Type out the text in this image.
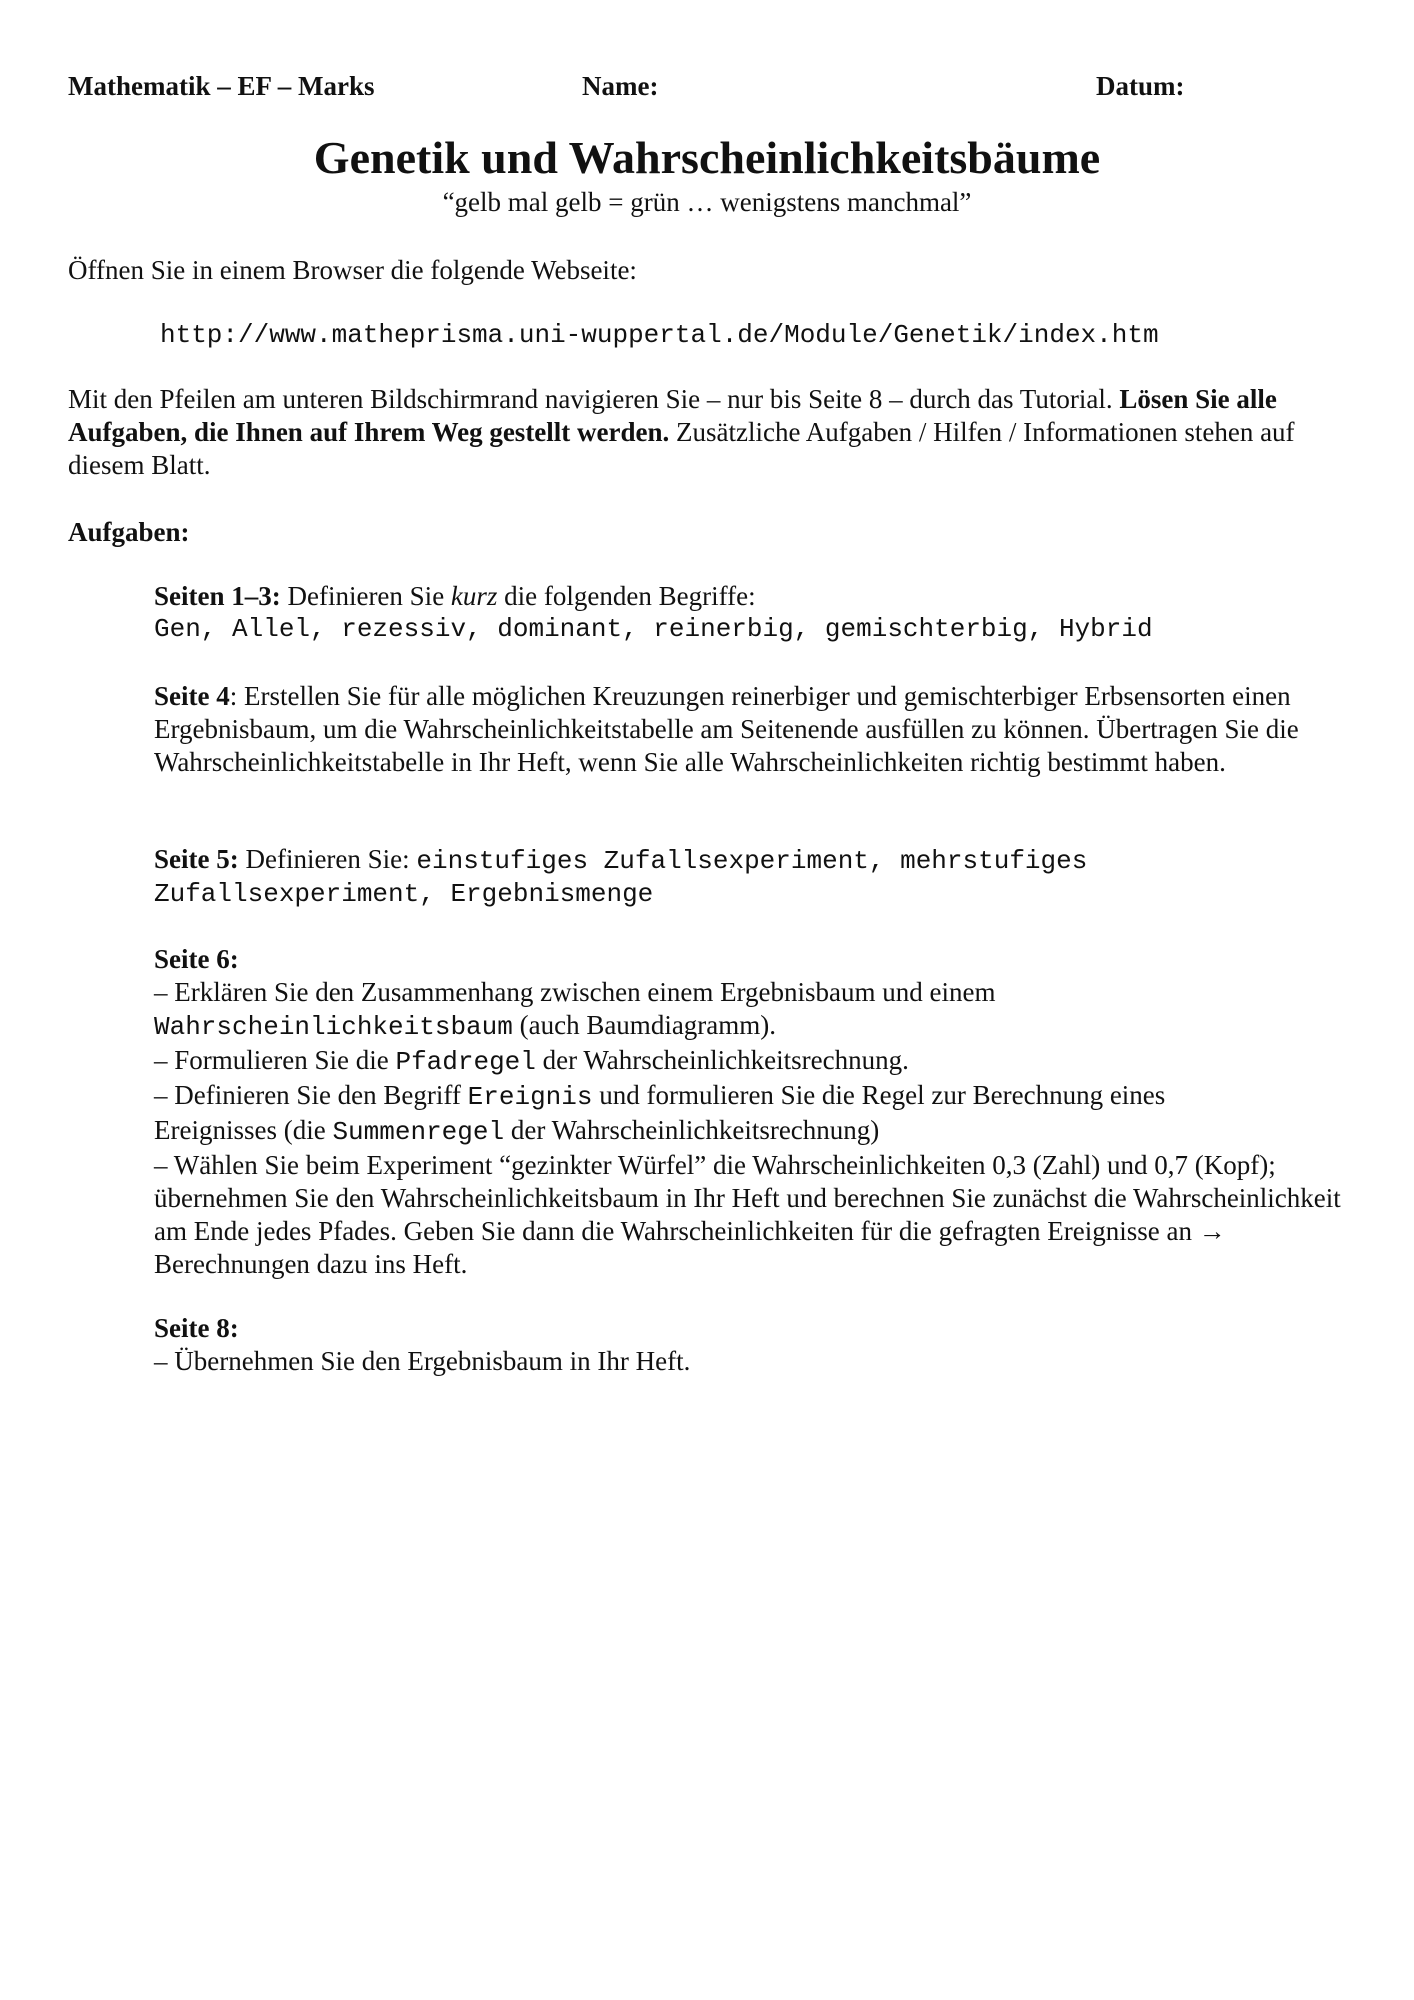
Mathematik – EF – Marks	Name:	Datum:
Genetik und Wahrscheinlichkeitsbäume
“gelb mal gelb = grün … wenigstens manchmal”
Öffnen Sie in einem Browser die folgende Webseite:
http://www.matheprisma.uni-wuppertal.de/Module/Genetik/index.htm
Mit den Pfeilen am unteren Bildschirmrand navigieren Sie – nur bis Seite 8 – durch das Tutorial. Lösen Sie alle Aufgaben, die Ihnen auf Ihrem Weg gestellt werden. Zusätzliche Aufgaben / Hilfen / Informationen stehen auf diesem Blatt.
Aufgaben:
Seiten 1–3: Definieren Sie kurz die folgenden Begriffe:
Gen, Allel, rezessiv, dominant, reinerbig, gemischterbig, Hybrid
Seite 4: Erstellen Sie für alle möglichen Kreuzungen reinerbiger und gemischterbiger Erbsensorten einen Ergebnisbaum, um die Wahrscheinlichkeitstabelle am Seitenende ausfüllen zu können. Übertragen Sie die Wahrscheinlichkeitstabelle in Ihr Heft, wenn Sie alle Wahrscheinlichkeiten richtig bestimmt haben.
Seite 5: Definieren Sie: einstufiges Zufallsexperiment, mehrstufiges
Zufallsexperiment, Ergebnismenge
Seite 6:
– Erklären Sie den Zusammenhang zwischen einem Ergebnisbaum und einem
Wahrscheinlichkeitsbaum (auch Baumdiagramm).
– Formulieren Sie die Pfadregel der Wahrscheinlichkeitsrechnung.
– Definieren Sie den Begriff Ereignis und formulieren Sie die Regel zur Berechnung eines
Ereignisses (die Summenregel der Wahrscheinlichkeitsrechnung)
– Wählen Sie beim Experiment “gezinkter Würfel” die Wahrscheinlichkeiten 0,3 (Zahl) und 0,7 (Kopf); übernehmen Sie den Wahrscheinlichkeitsbaum in Ihr Heft und berechnen Sie zunächst die Wahrscheinlichkeit am Ende jedes Pfades. Geben Sie dann die Wahrscheinlichkeiten für die gefragten Ereignisse an → Berechnungen dazu ins Heft.
Seite 8:
– Übernehmen Sie den Ergebnisbaum in Ihr Heft.
